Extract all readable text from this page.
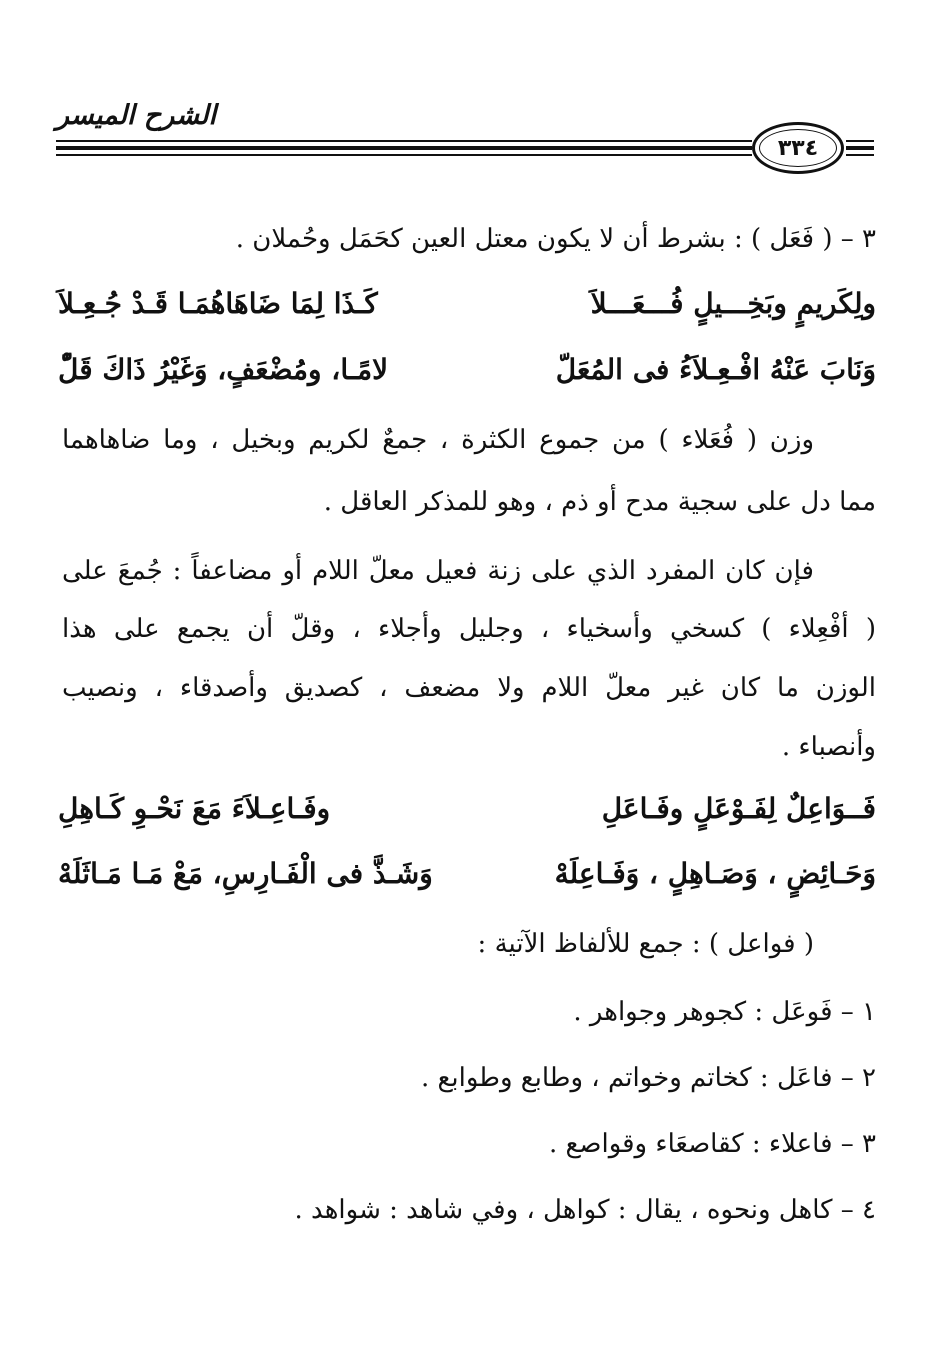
الشرح الميسر
٣٣٤
٣ – ( فَعَل ) : بشرط أن لا يكون معتل العين كحَمَل وحُملان .
ولِكَريمٍ وبَخِـــيلٍ فُـــعَـــلاَ
كَـذَا لِمَا ضَاهَاهُمَـا قَـدْ جُـعِـلاَ
وَنَابَ عَنْهُ افْـعِـلاَءُ فى المُعَلّ
لامًـا، ومُضْعَفٍ، وَغَيْرُ ذَاكَ قَلّْ
وزن ( فُعَلاء ) من جموع الكثرة ، جمعٌ لكريم وبخيل ، وما ضاهاهما
مما دل على سجية مدح أو ذم ، وهو للمذكر العاقل .
فإن كان المفرد الذي على زنة فعيل معلّ اللام أو مضاعفاً : جُمعَ على
( أفْعِلاء ) كسخي وأسخياء ، وجليل وأجلاء ، وقلّ أن يجمع على هذا
الوزن ما كان غير معلّ اللام ولا مضعف ، كصديق وأصدقاء ، ونصيب
وأنصباء .
فَــوَاعِلٌ لِفَـوْعَلٍ وفَـاعَلِ
وفَـاعِـلاَءَ مَعَ نَحْـوِ كَـاهِلِ
وَحَـائِضٍ ، وَصَـاهِلٍ ، وَفَـاعِلَهْ
وَشَـذَّ فى الْفَـارِسِ، مَعْ مَـا مَـاثَلَهْ
( فواعل ) : جمع للألفاظ الآتية :
١ – فَوعَل : كجوهر وجواهر .
٢ – فاعَل : كخاتم وخواتم ، وطابع وطوابع .
٣ – فاعلاء : كقاصعَاء وقواصع .
٤ – كاهل ونحوه ، يقال : كواهل ، وفي شاهد : شواهد .
